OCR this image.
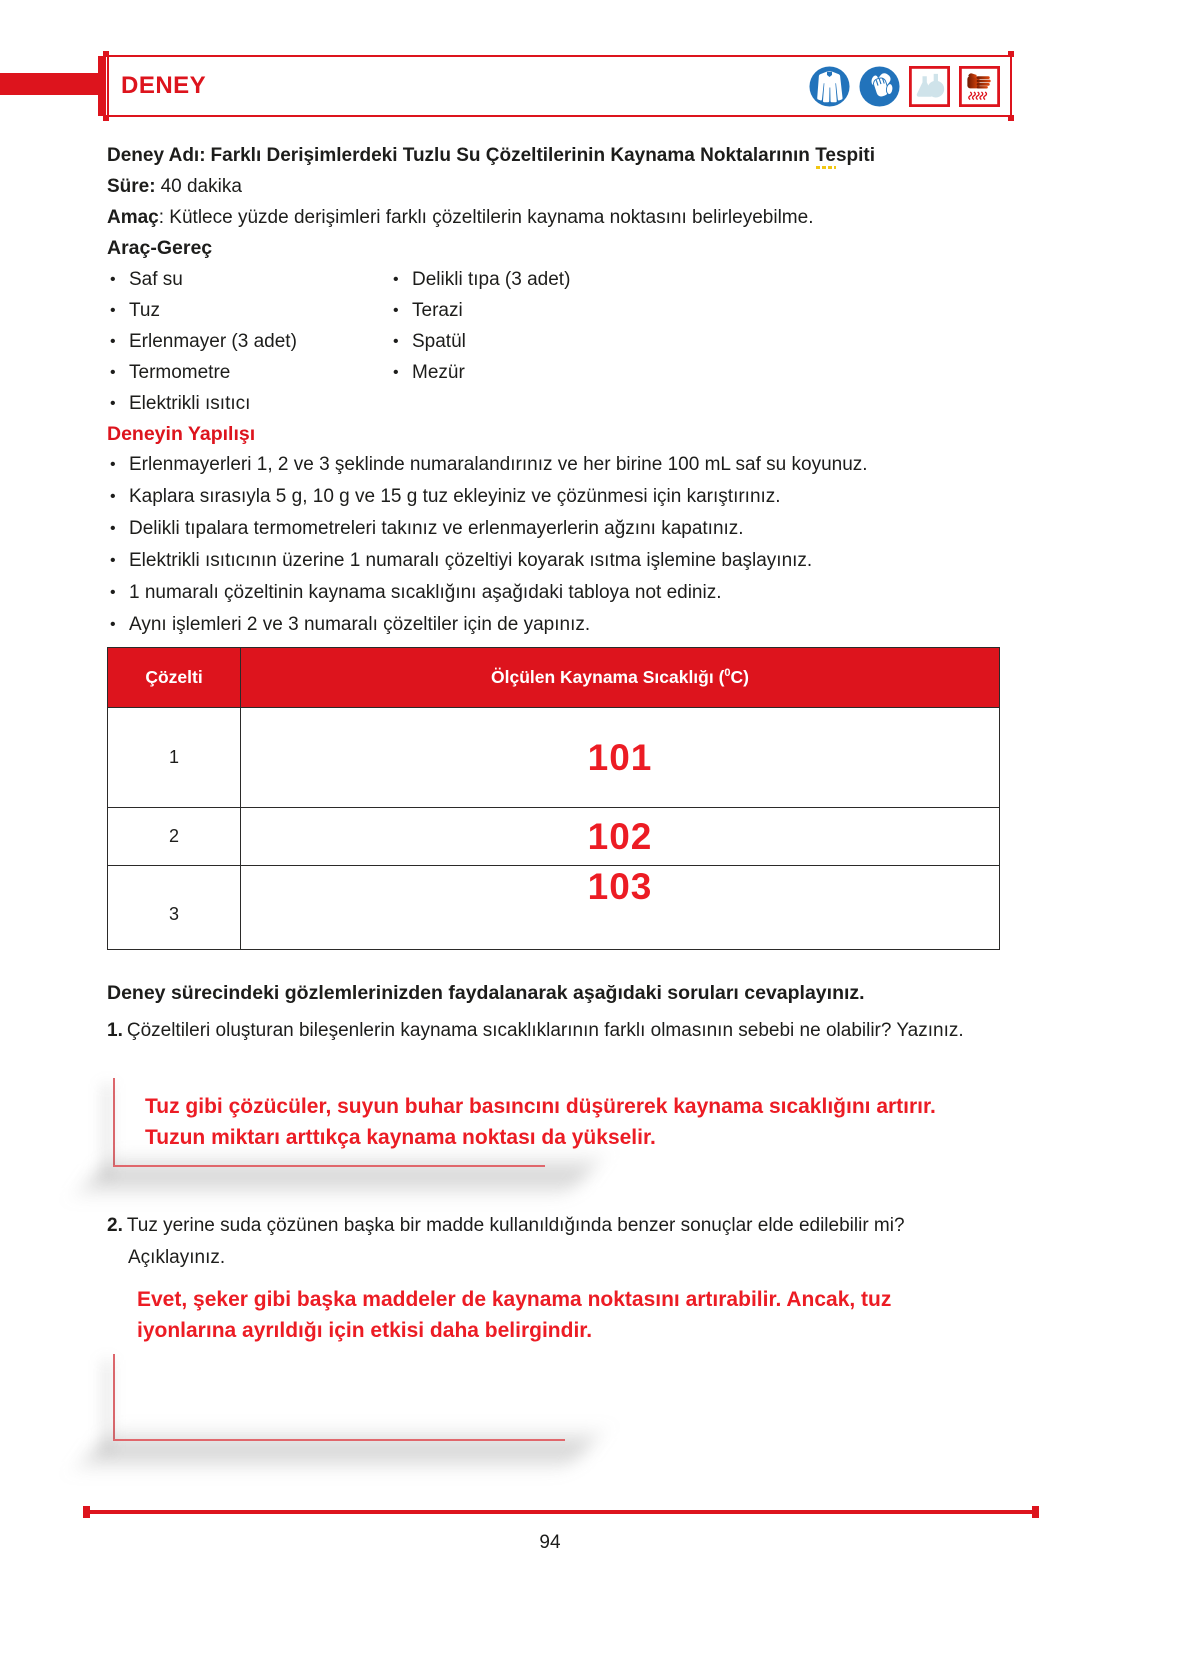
DENEY

Deney Adı: Farklı Derişimlerdeki Tuzlu Su Çözeltilerinin Kaynama Noktalarının Tespiti

Süre: 40 dakika

Amaç: Kütlece yüzde derişimleri farklı çözeltilerin kaynama noktasını belirleyebilme.

Araç-Gereç
• Saf su
• Tuz
• Erlenmayer (3 adet)
• Termometre
• Elektrikli ısıtıcı
• Delikli tıpa (3 adet)
• Terazi
• Spatül
• Mezür
Deneyin Yapılışı
• Erlenmayerleri 1, 2 ve 3 şeklinde numaralandırınız ve her birine 100 mL saf su koyunuz.
• Kaplara sırasıyla 5 g, 10 g ve 15 g tuz ekleyiniz ve çözünmesi için karıştırınız.
• Delikli tıpalara termometreleri takınız ve erlenmayerlerin ağzını kapatınız.
• Elektrikli ısıtıcının üzerine 1 numaralı çözeltiyi koyarak ısıtma işlemine başlayınız.
• 1 numaralı çözeltinin kaynama sıcaklığını aşağıdaki tabloya not ediniz.
• Aynı işlemleri 2 ve 3 numaralı çözeltiler için de yapınız.
Çözelti	Ölçülen Kaynama Sıcaklığı ($^0$C)
1	101
2	102
3	103

Deney sürecindeki gözlemlerinizden faydalanarak aşağıdaki soruları cevaplayınız.

1. Çözeltileri oluşturan bileşenlerin kaynama sıcaklıklarının farklı olmasının sebebi ne olabilir? Yazınız.

Tuz gibi çözücüler, suyun buhar basıncını düşürerek kaynama sıcaklığını artırır. Tuzun miktarı arttıkça kaynama noktası da yükselir.

2. Tuz yerine suda çözünen başka bir madde kullanıldığında benzer sonuçlar elde edilebilir mi? Açıklayınız.

Evet, şeker gibi başka maddeler de kaynama noktasını artırabilir. Ancak, tuz iyonlarına ayrıldığı için etkisi daha belirgindir.

94
